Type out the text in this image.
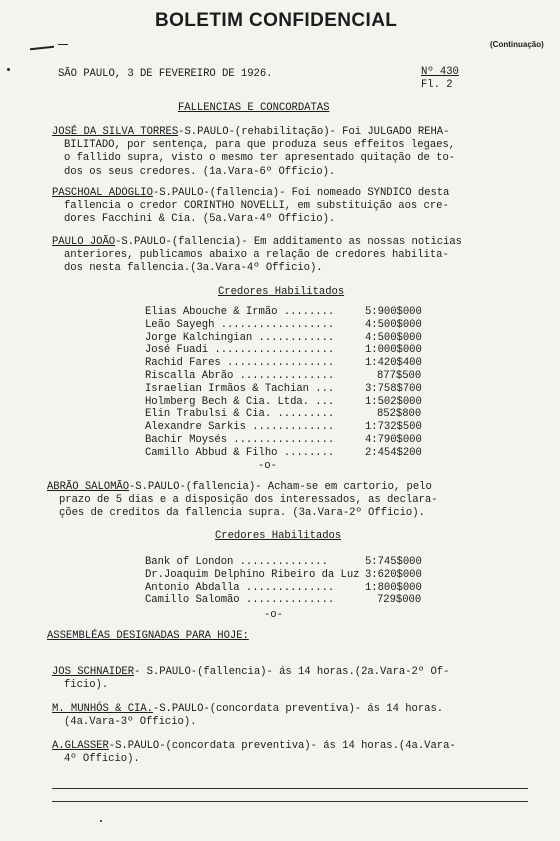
BOLETIM CONFIDENCIAL
(Continuação)
SÃO PAULO, 3 DE FEVEREIRO DE 1926.	Nº 430
Fl. 2
FALLENCIAS E CONCORDATAS
JOSÉ DA SILVA TORRES-S.PAULO-(rehabilitação)- Foi JULGADO REHA-
BILITADO, por sentença, para que produza seus effeitos legaes,
o fallido supra, visto o mesmo ter apresentado quitação de to-
dos os seus credores. (1a.Vara-6º Officio).
PASCHOAL ADOGLIO-S.PAULO-(fallencia)- Foi nomeado SYNDICO desta
fallencia o credor CORINTHO NOVELLI, em substituição aos cre-
dores Facchini & Cia. (5a.Vara-4º Officio).
PAULO JOÃO-S.PAULO-(fallencia)- Em additamento as nossas noticias
anteriores, publicamos abaixo a relação de credores habilita-
dos nesta fallencia.(3a.Vara-4º Officio).
Credores Habilitados
Elias Abouche & Irmão ........	5:900$000
Leão Sayegh ..................	4:500$000
Jorge Kalchingian ............	4:500$000
José Fuadi ...................	1:000$000
Rachid Fares .................	1:420$400
Riscalla Abrão ...............	877$500
Israelian Irmãos & Tachian ...	3:758$700
Holmberg Bech & Cia. Ltda. ...	1:502$000
Elin Trabulsi & Cia. .........	852$800
Alexandre Sarkis .............	1:732$500
Bachir Moysés ................	4:790$000
Camillo Abbud & Filho ........	2:454$200
-o-
ABRÃO SALOMÃO-S.PAULO-(fallencia)- Acham-se em cartorio, pelo
prazo de 5 dias e a disposição dos interessados, as declara-
ções de creditos da fallencia supra. (3a.Vara-2º Officio).
Credores Habilitados
Bank of London ..............	5:745$000
Dr.Joaquim Delphino Ribeiro da Luz 3:620$000
Antonio Abdalla ..............	1:800$000
Camillo Salomão ..............	729$000
-o-
ASSEMBLÉAS DESIGNADAS PARA HOJE:
JOS SCHNAIDER- S.PAULO-(fallencia)- ás 14 horas.(2a.Vara-2º Of-
ficio).
M. MUNHÓS & CIA.-S.PAULO-(concordata preventiva)- ás 14 horas.
(4a.Vara-3º Officio).
A.GLASSER-S.PAULO-(concordata preventiva)- ás 14 horas.(4a.Vara-
4º Officio).
